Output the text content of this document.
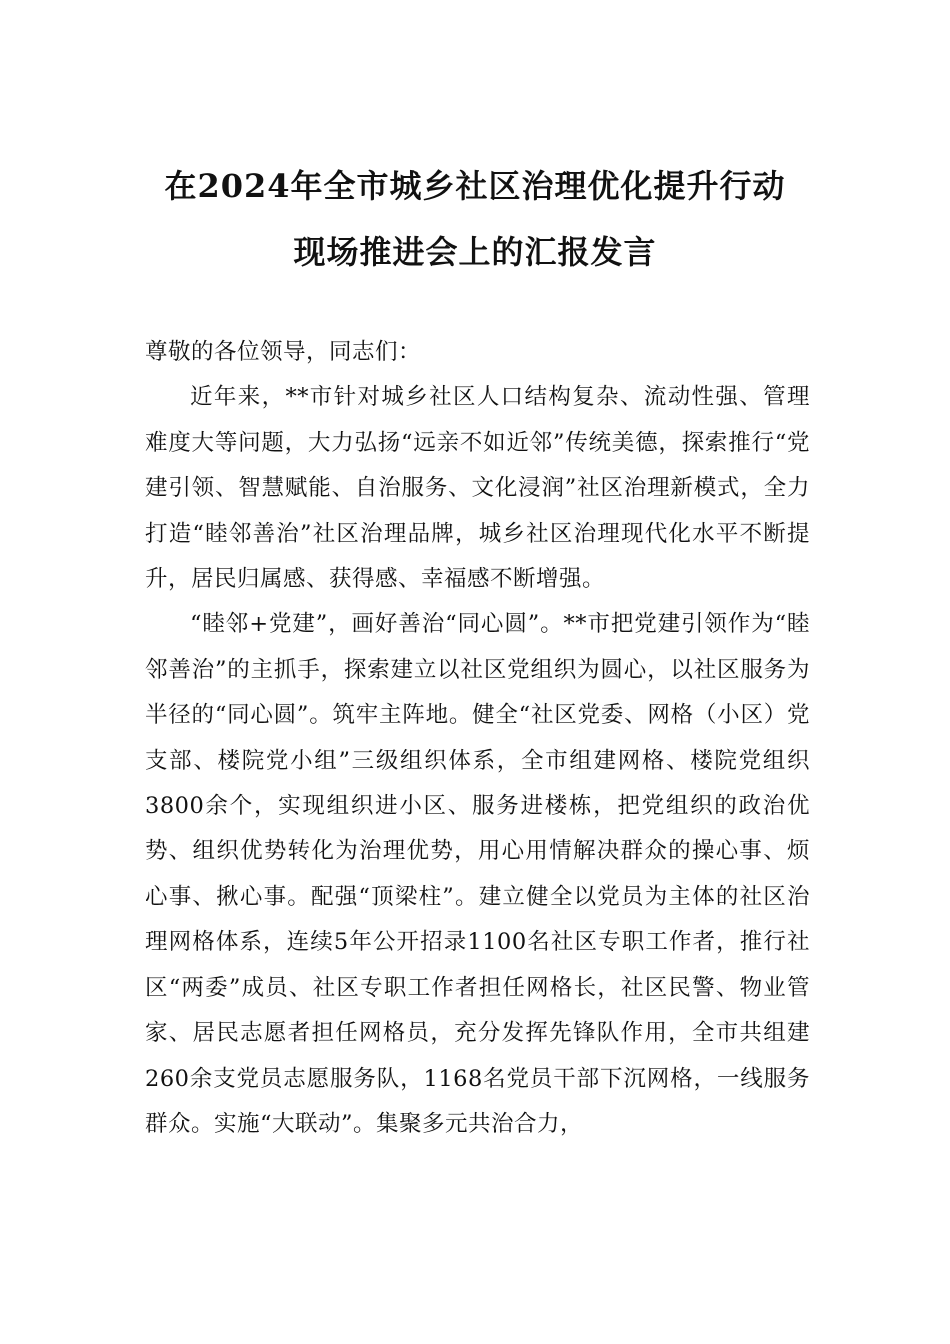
在2024年全市城乡社区治理优化提升行动
现场推进会上的汇报发言

尊敬的各位领导，同志们：

近年来，**市针对城乡社区人口结构复杂、流动性强、管理难度大等问题，大力弘扬“远亲不如近邻”传统美德，探索推行“党建引领、智慧赋能、自治服务、文化浸润”社区治理新模式，全力打造“睦邻善治”社区治理品牌，城乡社区治理现代化水平不断提升，居民归属感、获得感、幸福感不断增强。

“睦邻+党建”，画好善治“同心圆”。**市把党建引领作为“睦邻善治”的主抓手，探索建立以社区党组织为圆心，以社区服务为半径的“同心圆”。筑牢主阵地。健全“社区党委、网格（小区）党支部、楼院党小组”三级组织体系，全市组建网格、楼院党组织3800余个，实现组织进小区、服务进楼栋，把党组织的政治优势、组织优势转化为治理优势，用心用情解决群众的操心事、烦心事、揪心事。配强“顶梁柱”。建立健全以党员为主体的社区治理网格体系，连续5年公开招录1100名社区专职工作者，推行社区“两委”成员、社区专职工作者担任网格长，社区民警、物业管家、居民志愿者担任网格员，充分发挥先锋队作用，全市共组建260余支党员志愿服务队，1168名党员干部下沉网格，一线服务群众。实施“大联动”。集聚多元共治合力，
